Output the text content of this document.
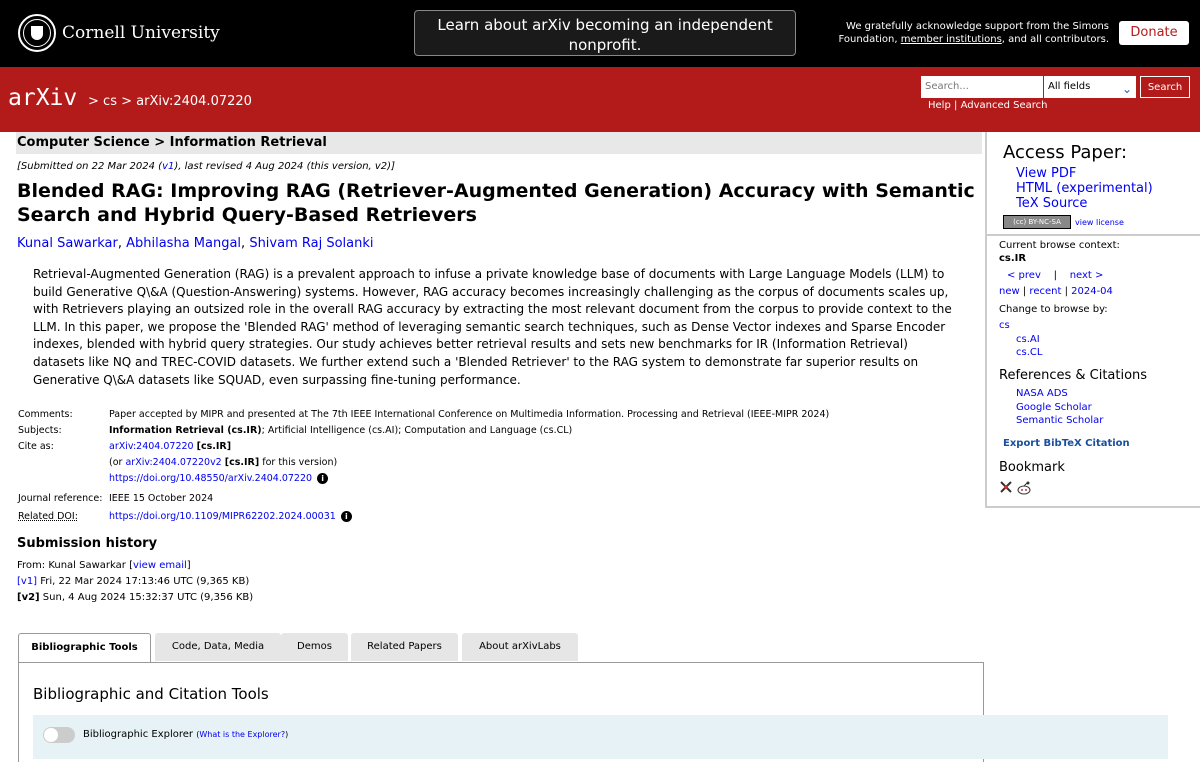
Cornell University	Learn about arXiv becoming an independent nonprofit.
We gratefully acknowledge support from the Simons Foundation, member institutions, and all contributors.	Donate
arXiv > cs > arXiv:2404.07220
Search...	All fields	⌄	Search
Help | Advanced Search
Computer Science > Information Retrieval
[Submitted on 22 Mar 2024 (v1), last revised 4 Aug 2024 (this version, v2)]
Blended RAG: Improving RAG (Retriever-Augmented Generation) Accuracy with Semantic Search and Hybrid Query-Based Retrievers
Kunal Sawarkar, Abhilasha Mangal, Shivam Raj Solanki
Retrieval-Augmented Generation (RAG) is a prevalent approach to infuse a private knowledge base of documents with Large Language Models (LLM) to build Generative Q\&A (Question-Answering) systems. However, RAG accuracy becomes increasingly challenging as the corpus of documents scales up, with Retrievers playing an outsized role in the overall RAG accuracy by extracting the most relevant document from the corpus to provide context to the LLM. In this paper, we propose the 'Blended RAG' method of leveraging semantic search techniques, such as Dense Vector indexes and Sparse Encoder indexes, blended with hybrid query strategies. Our study achieves better retrieval results and sets new benchmarks for IR (Information Retrieval) datasets like NQ and TREC-COVID datasets. We further extend such a 'Blended Retriever' to the RAG system to demonstrate far superior results on Generative Q\&A datasets like SQUAD, even surpassing fine-tuning performance.
Comments:	Paper accepted by MIPR and presented at The 7th IEEE International Conference on Multimedia Information. Processing and Retrieval (IEEE-MIPR 2024)
Subjects:	Information Retrieval (cs.IR); Artificial Intelligence (cs.AI); Computation and Language (cs.CL)
Cite as:	arXiv:2404.07220 [cs.IR]
(or arXiv:2404.07220v2 [cs.IR] for this version)
https://doi.org/10.48550/arXiv.2404.07220 i
Journal reference: IEEE 15 October 2024
Related DOI:	https://doi.org/10.1109/MIPR62202.2024.00031 i
Submission history
From: Kunal Sawarkar [view email]
[v1] Fri, 22 Mar 2024 17:13:46 UTC (9,365 KB)
[v2] Sun, 4 Aug 2024 15:32:37 UTC (9,356 KB)
Bibliographic Tools	Code, Data, Media	Demos	Related Papers	About arXivLabs
Bibliographic and Citation Tools
Bibliographic Explorer (What is the Explorer?)
Access Paper:
View PDF
HTML (experimental)
TeX Source
(cc) BY-NC-SA	view license
Current browse context:
cs.IR
< prev | next >
new | recent | 2024-04
Change to browse by:
cs
cs.AI
cs.CL
References & Citations
NASA ADS
Google Scholar
Semantic Scholar
Export BibTeX Citation
Bookmark
